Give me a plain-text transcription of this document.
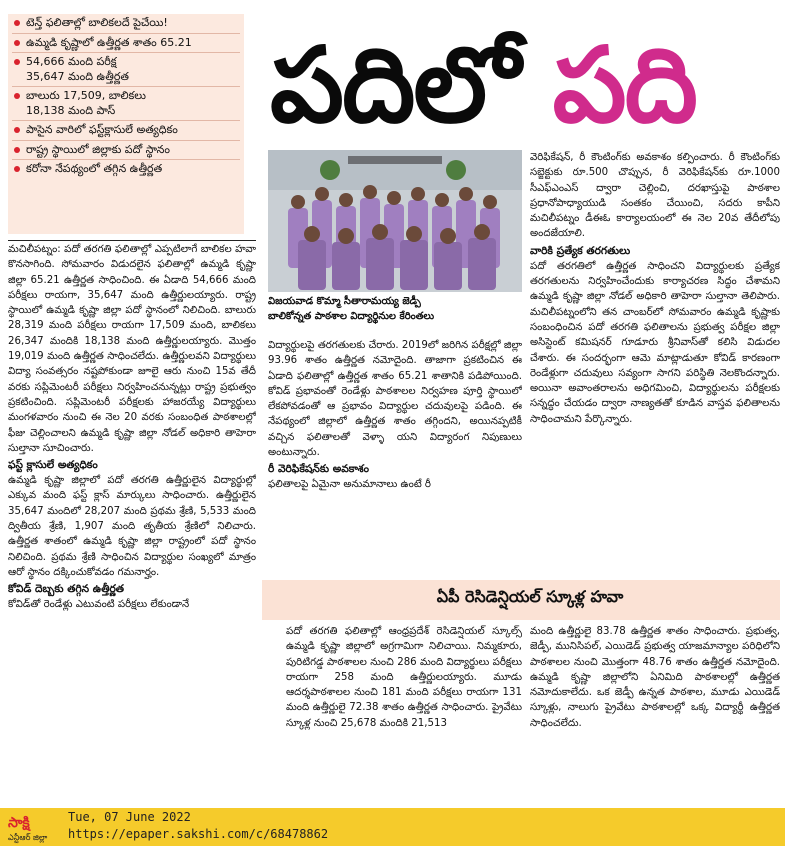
టెన్త్ ఫలితాల్లో బాలికలదే పైచేయి!
ఉమ్మడి కృష్ణాలో ఉత్తీర్ణత శాతం 65.21
54,666 మంది పరీక్ష
35,647 మంది ఉత్తీర్ణత
బాలురు 17,509, బాలికలు
18,138 మంది పాస్
పాసైన వారిలో ఫస్ట్‌క్లాసులే అత్యధికం
రాష్ట్ర స్థాయిలో జిల్లాకు పదో స్థానం
కరోనా నేపథ్యంలో తగ్గిన ఉత్తీర్ణత
పదిలో పది
విజయవాడ కొమ్మా సీతారామయ్య జెడ్పీ
బాలికోన్నత పాఠశాల విద్యార్థినుల కేరింతలు

మచిలీపట్నం: పదో తరగతి ఫలితాల్లో ఎప్పటిలాగే బాలికల హవా కొనసాగింది. సోమవారం విడుదలైన ఫలితాల్లో ఉమ్మడి కృష్ణా జిల్లా 65.21 ఉత్తీర్ణత సాధించింది. ఈ ఏడాది 54,666 మంది పరీక్షలు రాయగా, 35,647 మంది ఉత్తీర్ణులయ్యారు. రాష్ట్ర స్థాయిలో ఉమ్మడి కృష్ణా జిల్లా పదో స్థానంలో నిలిచింది. బాలురు 28,319 మంది పరీక్షలు రాయగా 17,509 మంది, బాలికలు 26,347 మందికి 18,138 మంది ఉత్తీర్ణులయ్యారు. మొత్తం 19,019 మంది ఉత్తీర్ణత సాధించలేదు. ఉత్తీర్ణులవని విద్యార్థులు విద్యా సంవత్సరం నష్టపోకుండా జూలై ఆరు నుంచి 15వ తేదీ వరకు సప్లిమెంటరీ పరీక్షలు నిర్వహించనున్నట్లు రాష్ట్ర ప్రభుత్వం ప్రకటించింది. సప్లిమెంటరీ పరీక్షలకు హాజరయ్యే విద్యార్థులు మంగళవారం నుంచి ఈ నెల 20 వరకు సంబంధిత పాఠశాలల్లో ఫీజు చెల్లించాలని ఉమ్మడి కృష్ణా జిల్లా నోడల్ అధికారి తాహెరా సుల్తానా సూచించారు.

ఫస్ట్ క్లాసులే అత్యధికం

ఉమ్మడి కృష్ణా జిల్లాలో పదో తరగతి ఉత్తీర్ణులైన విద్యార్థుల్లో ఎక్కువ మంది ఫస్ట్ క్లాస్ మార్కులు సాధించారు. ఉత్తీర్ణులైన 35,647 మందిలో 28,207 మంది ప్రథమ శ్రేణి, 5,533 మంది ద్వితీయ శ్రేణి, 1,907 మంది తృతీయ శ్రేణిలో నిలిచారు. ఉత్తీర్ణత శాతంలో ఉమ్మడి కృష్ణా జిల్లా రాష్ట్రంలో పదో స్థానం నిలిచింది. ప్రథమ శ్రేణి సాధించిన విద్యార్థుల సంఖ్యలో మాత్రం ఆరో స్థానం దక్కించుకోవడం గమనార్హం.

కోవిడ్ దెబ్బకు తగ్గిన ఉత్తీర్ణత

కోవిడ్‌తో రెండేళ్లు ఎటువంటి పరీక్షలు లేకుండానే

విద్యార్థులపై తరగతులకు చేరారు. 2019లో జరిగిన పరీక్షల్లో జిల్లా 93.96 శాతం ఉత్తీర్ణత నమోదైంది. తాజాగా ప్రకటించిన ఈ ఏడాది ఫలితాల్లో ఉత్తీర్ణత శాతం 65.21 శాతానికి పడిపోయింది. కోవిడ్ ప్రభావంతో రెండేళ్లు పాఠశాలల నిర్వహణ పూర్తి స్థాయిలో లేకపోవడంతో ఆ ప్రభావం విద్యార్థుల చదువులపై పడింది. ఈ నేపథ్యంలో జిల్లాలో ఉత్తీర్ణత శాతం తగ్గిందని, అయినప్పటికీ వచ్చిన ఫలితాలతో వెళ్ళా యని విద్యారంగ నిపుణులు అంటున్నారు.

రీ వెరిఫికేషన్‌కు అవకాశం

ఫలితాలపై ఏమైనా అనుమానాలు ఉంటే రీ

వెరిఫికేషన్, రీ కౌంటింగ్‌కు అవకాశం కల్పించారు. రీ కౌంటింగ్‌కు సబ్జెక్టుకు రూ.500 చొప్పున, రీ వెరిఫికేషన్‌కు రూ.1000 సీఎఫ్‌ఎంఎస్ ద్వారా చెల్లించి, దరఖాస్తుపై పాఠశాల ప్రధానోపాధ్యాయుడి సంతకం చేయించి, సదరు కాపీని మచిలీపట్నం డీఈఓ కార్యాలయంలో ఈ నెల 20వ తేదీలోపు అందజేయాలి.

వారికి ప్రత్యేక తరగతులు

పదో తరగతిలో ఉత్తీర్ణత సాధించని విద్యార్థులకు ప్రత్యేక తరగతులను నిర్వహించేందుకు కార్యాచరణ సిద్ధం చేశామని ఉమ్మడి కృష్ణా జిల్లా నోడల్ అధికారి తాహెరా సుల్తానా తెలిపారు. మచిలీపట్నంలోని తన చాంబర్‌లో సోమవారం ఉమ్మడి కృష్ణాకు సంబంధించిన పదో తరగతి ఫలితాలను ప్రభుత్వ పరీక్షల జిల్లా అసిస్టెంట్ కమిషనర్ గూడూరు శ్రీనివాస్‌తో కలిసి విడుదల చేశారు. ఈ సందర్భంగా ఆమె మాట్లాడుతూ కోవిడ్ కారణంగా రెండేళ్లుగా చదువులు సవ్యంగా సాగని పరిస్థితి నెలకొందన్నారు. అయినా అవాంతరాలను అధిగమించి, విద్యార్థులను పరీక్షలకు సన్నద్ధం చేయడం ద్వారా నాణ్యతతో కూడిన వాస్తవ ఫలితాలను సాధించామని పేర్కొన్నారు.

ఏపీ రెసిడెన్షియల్ స్కూళ్ల హవా

పదో తరగతి ఫలితాల్లో ఆంధ్రప్రదేశ్ రెసిడెన్షియల్ స్కూల్స్ ఉమ్మడి కృష్ణా జిల్లాలో అగ్రగామిగా నిలిచాయి. నిమ్మకూరు, పురిటిగడ్డ పాఠశాలల నుంచి 286 మంది విద్యార్థులు పరీక్షలు రాయగా 258 మంది ఉత్తీర్ణులయ్యారు. మూడు ఆదర్శపాఠశాలల నుంచి 181 మంది పరీక్షలు రాయగా 131 మంది ఉత్తీర్ణులై 72.38 శాతం ఉత్తీర్ణత సాధించారు. ప్రైవేటు స్కూళ్ల నుంచి 25,678 మందికి 21,513

మంది ఉత్తీర్ణులై 83.78 ఉత్తీర్ణత శాతం సాధించారు. ప్రభుత్వ, జెడ్పీ, మునిసిపల్, ఎయిడెడ్ ప్రభుత్వ యాజమాన్యాల పరిధిలోని పాఠశాలల నుంచి మొత్తంగా 48.76 శాతం ఉత్తీర్ణత నమోదైంది. ఉమ్మడి కృష్ణా జిల్లాలోని ఏనిమిది పాఠశాలల్లో ఉత్తీర్ణత నమోదుకాలేదు. ఒక జెడ్పీ ఉన్నత పాఠశాల, మూడు ఎయిడెడ్ స్కూళ్లు, నాలుగు ప్రైవేటు పాఠశాలల్లో ఒక్క విద్యార్థీ ఉత్తీర్ణత సాధించలేదు.

సాక్షి
ఎన్టీఆర్ జిల్లా
Tue, 07 June 2022
https://epaper.sakshi.com/c/68478862
